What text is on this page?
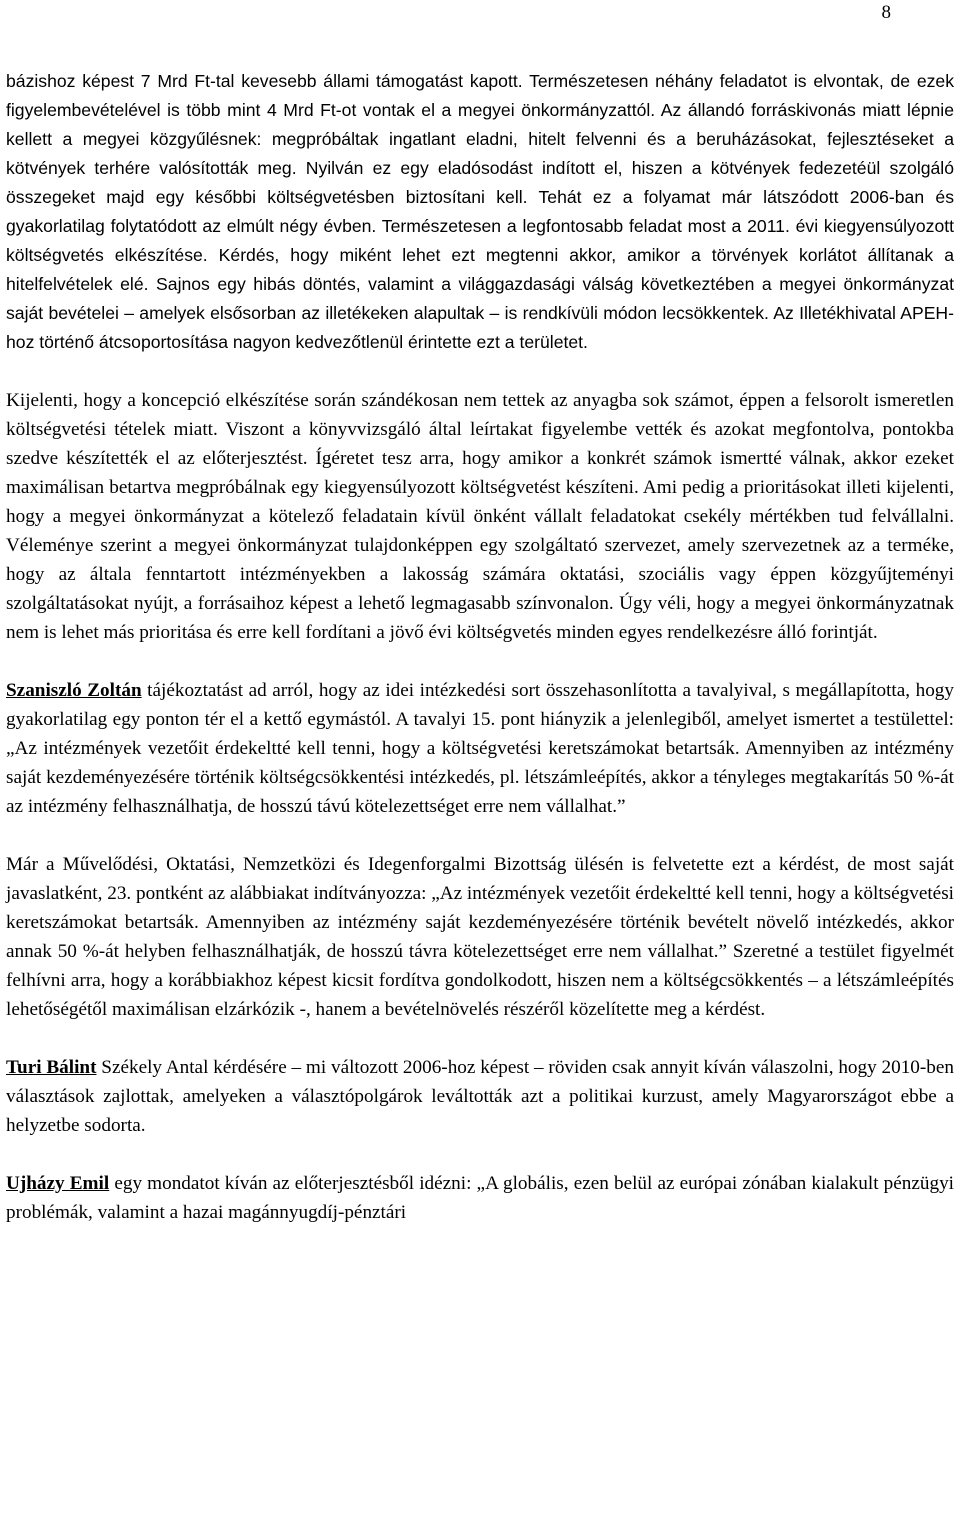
8

bázishoz képest 7 Mrd Ft-tal kevesebb állami támogatást kapott. Természetesen néhány feladatot is elvontak, de ezek figyelembevételével is több mint 4 Mrd Ft-ot vontak el a megyei önkormányzattól. Az állandó forráskivonás miatt lépnie kellett a megyei közgyűlésnek: megpróbáltak ingatlant eladni, hitelt felvenni és a beruházásokat, fejlesztéseket a kötvények terhére valósították meg. Nyilván ez egy eladósodást indított el, hiszen a kötvények fedezetéül szolgáló összegeket majd egy későbbi költségvetésben biztosítani kell. Tehát ez a folyamat már látszódott 2006-ban és gyakorlatilag folytatódott az elmúlt négy évben. Természetesen a legfontosabb feladat most a 2011. évi kiegyensúlyozott költségvetés elkészítése. Kérdés, hogy miként lehet ezt megtenni akkor, amikor a törvények korlátot állítanak a hitelfelvételek elé. Sajnos egy hibás döntés, valamint a világgazdasági válság következtében a megyei önkormányzat saját bevételei – amelyek elsősorban az illetékeken alapultak – is rendkívüli módon lecsökkentek. Az Illetékhivatal APEH-hoz történő átcsoportosítása nagyon kedvezőtlenül érintette ezt a területet.

Kijelenti, hogy a koncepció elkészítése során szándékosan nem tettek az anyagba sok számot, éppen a felsorolt ismeretlen költségvetési tételek miatt. Viszont a könyvvizsgáló által leírtakat figyelembe vették és azokat megfontolva, pontokba szedve készítették el az előterjesztést. Ígéretet tesz arra, hogy amikor a konkrét számok ismertté válnak, akkor ezeket maximálisan betartva megpróbálnak egy kiegyensúlyozott költségvetést készíteni. Ami pedig a prioritásokat illeti kijelenti, hogy a megyei önkormányzat a kötelező feladatain kívül önként vállalt feladatokat csekély mértékben tud felvállalni. Véleménye szerint a megyei önkormányzat tulajdonképpen egy szolgáltató szervezet, amely szervezetnek az a terméke, hogy az általa fenntartott intézményekben a lakosság számára oktatási, szociális vagy éppen közgyűjteményi szolgáltatásokat nyújt, a forrásaihoz képest a lehető legmagasabb színvonalon. Úgy véli, hogy a megyei önkormányzatnak nem is lehet más prioritása és erre kell fordítani a jövő évi költségvetés minden egyes rendelkezésre álló forintját.

Szaniszló Zoltán tájékoztatást ad arról, hogy az idei intézkedési sort összehasonlította a tavalyival, s megállapította, hogy gyakorlatilag egy ponton tér el a kettő egymástól. A tavalyi 15. pont hiányzik a jelenlegiből, amelyet ismertet a testülettel: „Az intézmények vezetőit érdekeltté kell tenni, hogy a költségvetési keretszámokat betartsák. Amennyiben az intézmény saját kezdeményezésére történik költségcsökkentési intézkedés, pl. létszámleépítés, akkor a tényleges megtakarítás 50 %-át az intézmény felhasználhatja, de hosszú távú kötelezettséget erre nem vállalhat.”

Már a Művelődési, Oktatási, Nemzetközi és Idegenforgalmi Bizottság ülésén is felvetette ezt a kérdést, de most saját javaslatként, 23. pontként az alábbiakat indítványozza: „Az intézmények vezetőit érdekeltté kell tenni, hogy a költségvetési keretszámokat betartsák. Amennyiben az intézmény saját kezdeményezésére történik bevételt növelő intézkedés, akkor annak 50 %-át helyben felhasználhatják, de hosszú távra kötelezettséget erre nem vállalhat.” Szeretné a testület figyelmét felhívni arra, hogy a korábbiakhoz képest kicsit fordítva gondolkodott, hiszen nem a költségcsökkentés – a létszámleépítés lehetőségétől maximálisan elzárkózik -, hanem a bevételnövelés részéről közelítette meg a kérdést.

Turi Bálint Székely Antal kérdésére – mi változott 2006-hoz képest – röviden csak annyit kíván válaszolni, hogy 2010-ben választások zajlottak, amelyeken a választópolgárok leváltották azt a politikai kurzust, amely Magyarországot ebbe a helyzetbe sodorta.

Ujházy Emil egy mondatot kíván az előterjesztésből idézni: „A globális, ezen belül az európai zónában kialakult pénzügyi problémák, valamint a hazai magánnyugdíj-pénztári
